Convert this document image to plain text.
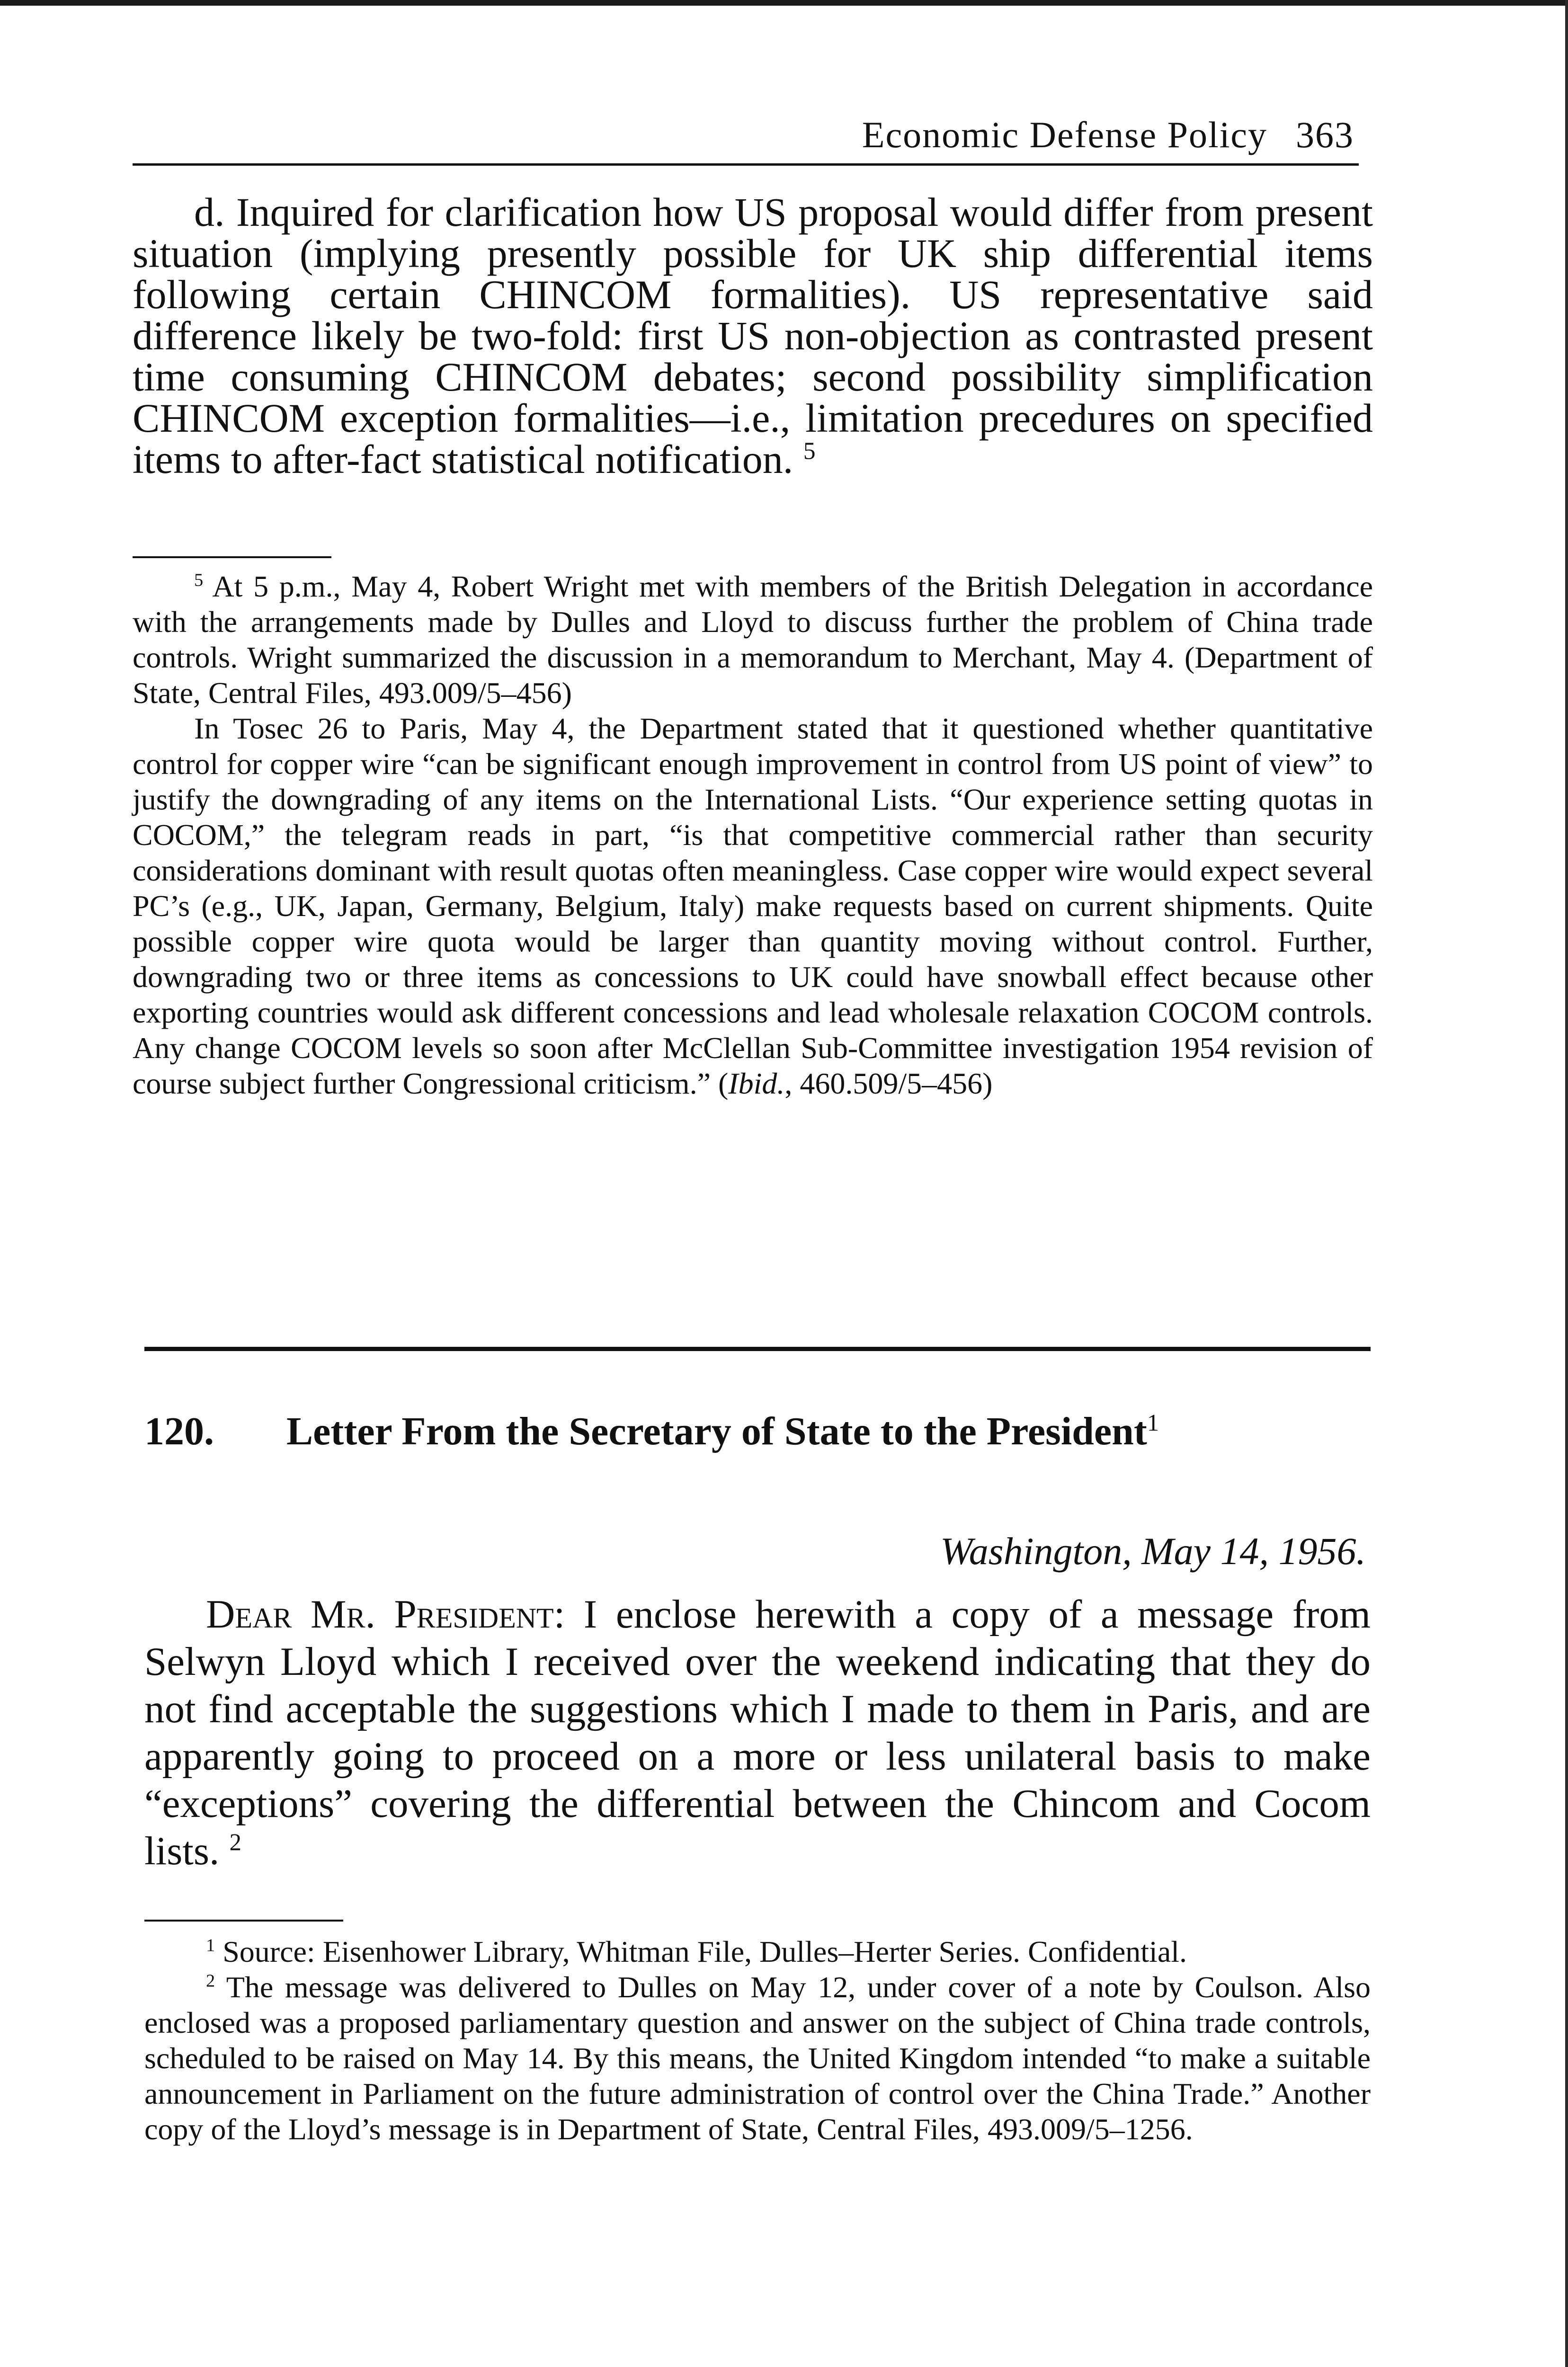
Economic Defense Policy 363

d. Inquired for clarification how US proposal would differ from present situation (implying presently possible for UK ship differential items following certain CHINCOM formalities). US representative said difference likely be two-fold: first US non-objection as contrasted present time consuming CHINCOM debates; second possibility simplification CHINCOM exception formalities—i.e., limitation precedures on specified items to after-fact statistical notification. $^5$

$^5$ At 5 p.m., May 4, Robert Wright met with members of the British Delegation in accordance with the arrangements made by Dulles and Lloyd to discuss further the problem of China trade controls. Wright summarized the discussion in a memorandum to Merchant, May 4. (Department of State, Central Files, 493.009/5–456)

In Tosec 26 to Paris, May 4, the Department stated that it questioned whether quantitative control for copper wire “can be significant enough improvement in control from US point of view” to justify the downgrading of any items on the International Lists. “Our experience setting quotas in COCOM,” the telegram reads in part, “is that competitive commercial rather than security considerations dominant with result quotas often meaningless. Case copper wire would expect several PC’s (e.g., UK, Japan, Germany, Belgium, Italy) make requests based on current shipments. Quite possible copper wire quota would be larger than quantity moving without control. Further, downgrading two or three items as concessions to UK could have snowball effect because other exporting countries would ask different concessions and lead wholesale relaxation COCOM controls. Any change COCOM levels so soon after McClellan Sub-Committee investigation 1954 revision of course subject further Congressional criticism.” (Ibid., 460.509/5–456)

120. Letter From the Secretary of State to the President$^1$
Washington, May 14, 1956.

Dear Mr. President: I enclose herewith a copy of a message from Selwyn Lloyd which I received over the weekend indicating that they do not find acceptable the suggestions which I made to them in Paris, and are apparently going to proceed on a more or less unilateral basis to make “exceptions” covering the differential between the Chincom and Cocom lists. $^2$

$^1$ Source: Eisenhower Library, Whitman File, Dulles–Herter Series. Confidential.

$^2$ The message was delivered to Dulles on May 12, under cover of a note by Coulson. Also enclosed was a proposed parliamentary question and answer on the subject of China trade controls, scheduled to be raised on May 14. By this means, the United Kingdom intended “to make a suitable announcement in Parliament on the future administration of control over the China Trade.” Another copy of the Lloyd’s message is in Department of State, Central Files, 493.009/5–1256.
